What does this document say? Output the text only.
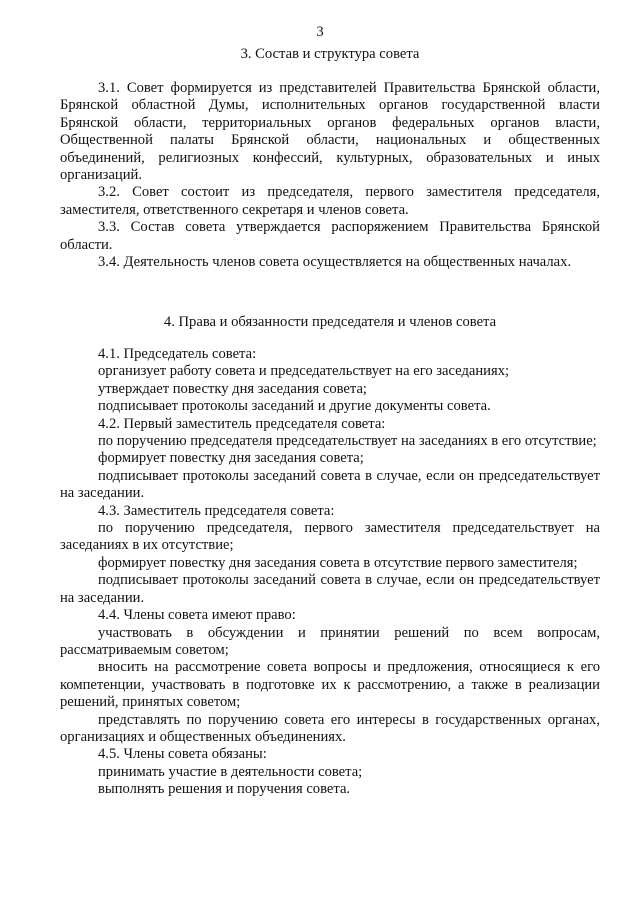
3
3. Состав и структура совета

3.1. Совет формируется из представителей Правительства Брянской области, Брянской областной Думы, исполнительных органов государственной власти Брянской области, территориальных органов федеральных органов власти, Общественной палаты Брянской области, национальных и общественных объединений, религиозных конфессий, культурных, образовательных и иных организаций.

3.2. Совет состоит из председателя, первого заместителя председателя, заместителя, ответственного секретаря и членов совета.

3.3. Состав совета утверждается распоряжением Правительства Брянской области.

3.4. Деятельность членов совета осуществляется на общественных началах.

4. Права и обязанности председателя и членов совета

4.1. Председатель совета:

организует работу совета и председательствует на его заседаниях;

утверждает повестку дня заседания совета;

подписывает протоколы заседаний и другие документы совета.

4.2. Первый заместитель председателя совета:

по поручению председателя председательствует на заседаниях в его отсутствие;

формирует повестку дня заседания совета;

подписывает протоколы заседаний совета в случае, если он председательствует на заседании.

4.3. Заместитель председателя совета:

по поручению председателя, первого заместителя председательствует на заседаниях в их отсутствие;

формирует повестку дня заседания совета в отсутствие первого заместителя;

подписывает протоколы заседаний совета в случае, если он председательствует на заседании.

4.4. Члены совета имеют право:

участвовать в обсуждении и принятии решений по всем вопросам, рассматриваемым советом;

вносить на рассмотрение совета вопросы и предложения, относящиеся к его компетенции, участвовать в подготовке их к рассмотрению, а также в реализации решений, принятых советом;

представлять по поручению совета его интересы в государственных органах, организациях и общественных объединениях.

4.5. Члены совета обязаны:

принимать участие в деятельности совета;

выполнять решения и поручения совета.
